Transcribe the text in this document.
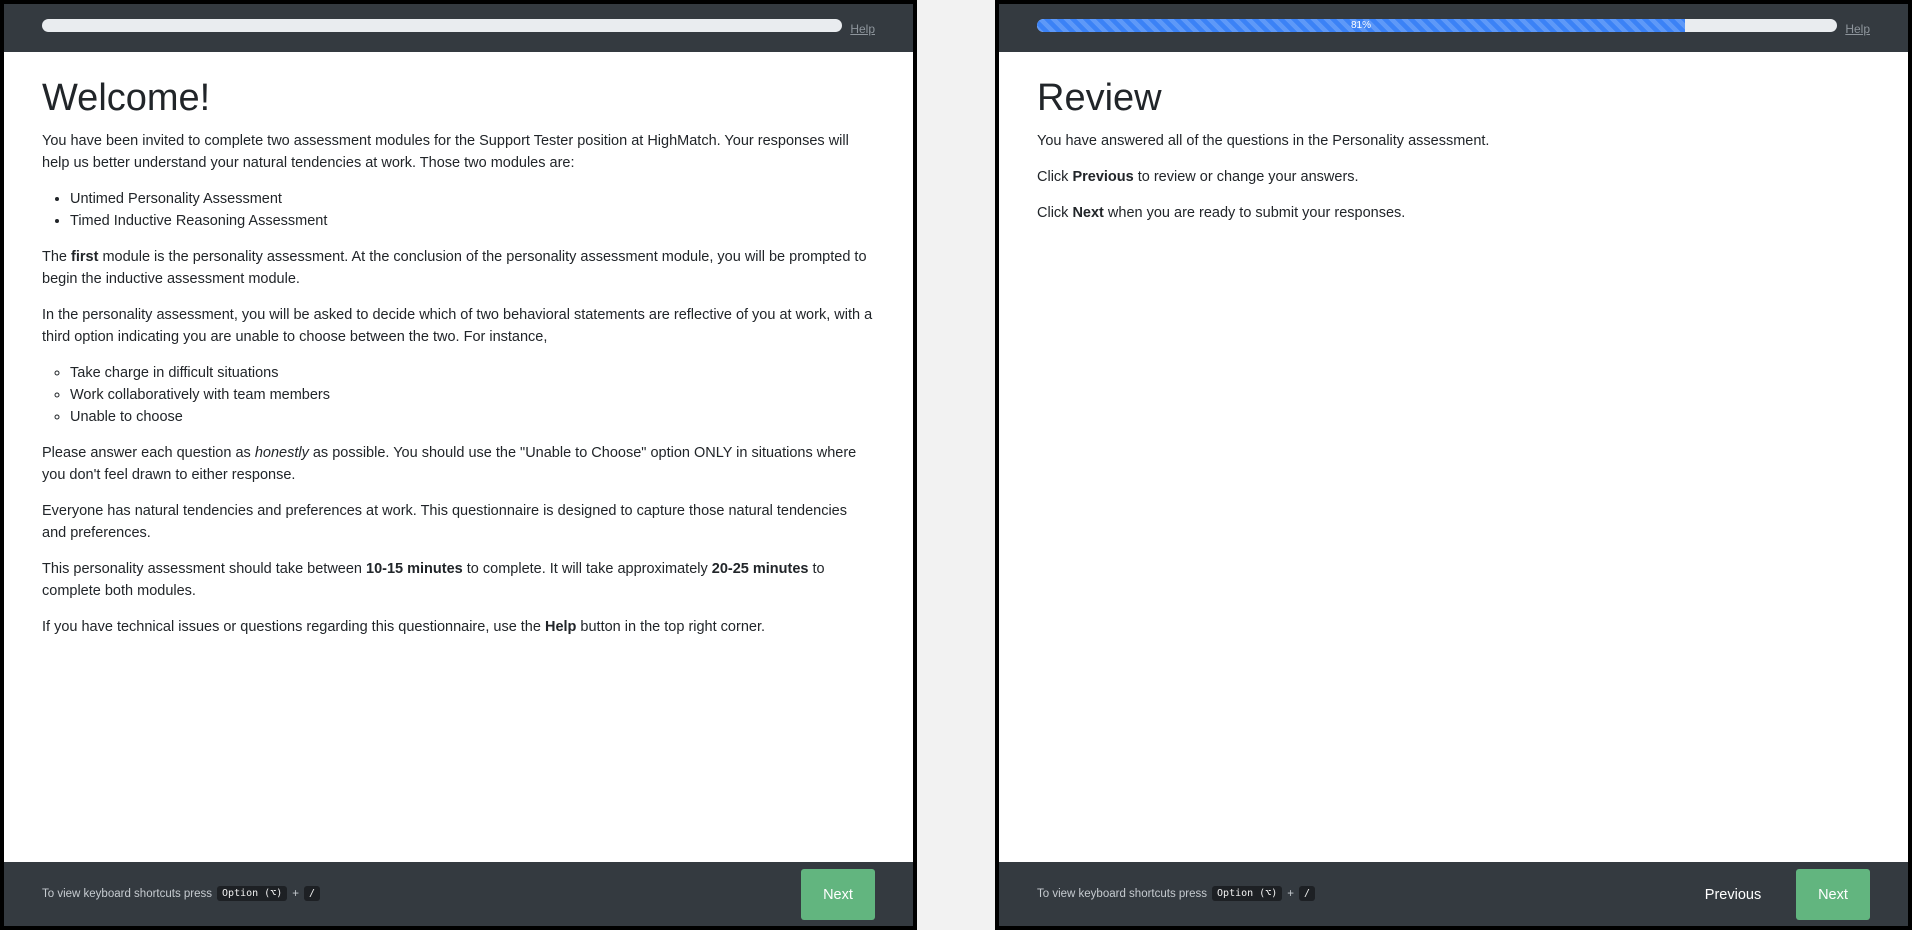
Help
Welcome!

You have been invited to complete two assessment modules for the Support Tester position at HighMatch. Your responses will help us better understand your natural tendencies at work. Those two modules are:

• Untimed Personality Assessment
• Timed Inductive Reasoning Assessment

The first module is the personality assessment. At the conclusion of the personality assessment module, you will be prompted to begin the inductive assessment module.

In the personality assessment, you will be asked to decide which of two behavioral statements are reflective of you at work, with a third option indicating you are unable to choose between the two. For instance,

◦ Take charge in difficult situations
◦ Work collaboratively with team members
◦ Unable to choose

Please answer each question as honestly as possible. You should use the "Unable to Choose" option ONLY in situations where you don't feel drawn to either response.

Everyone has natural tendencies and preferences at work. This questionnaire is designed to capture those natural tendencies and preferences.

This personality assessment should take between 10-15 minutes to complete. It will take approximately 20-25 minutes to complete both modules.

If you have technical issues or questions regarding this questionnaire, use the Help button in the top right corner.

To view keyboard shortcuts press	Option (⌥) +	/	Next
81%	Help
Review

You have answered all of the questions in the Personality assessment.

Click Previous to review or change your answers.

Click Next when you are ready to submit your responses.

To view keyboard shortcuts press	Option (⌥) +	/	Previous	Next
